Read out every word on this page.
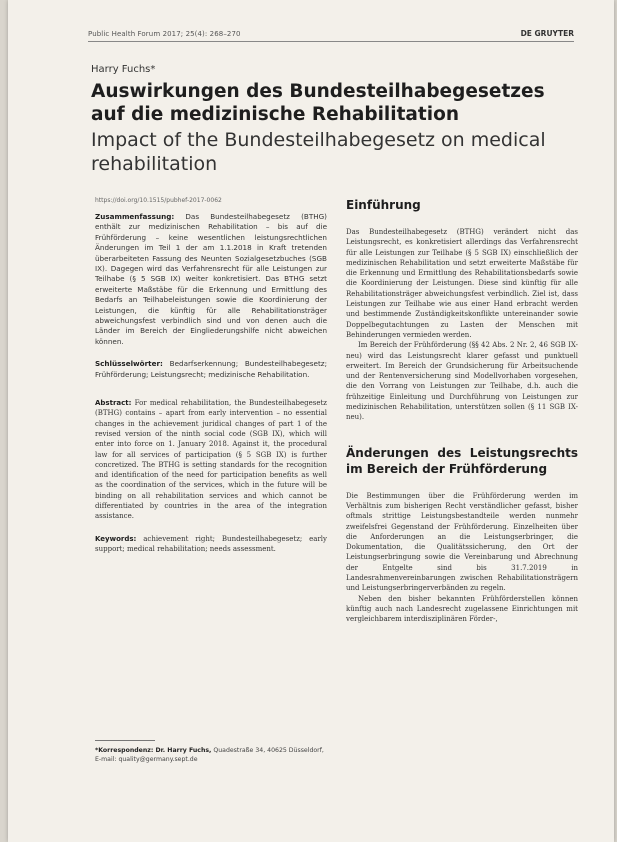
Public Health Forum 2017; 25(4): 268–270	DE GRUYTER
Harry Fuchs*
Auswirkungen des Bundesteilhabegesetzes auf die medizinische Rehabilitation
Impact of the Bundesteilhabegesetz on medical rehabilitation
https://doi.org/10.1515/pubhef-2017-0062

Zusammenfassung: Das Bundesteilhabegesetz (BTHG) enthält zur medizinischen Rehabilitation – bis auf die Frühförderung – keine wesentlichen leistungsrechtlichen Änderungen im Teil 1 der am 1.1.2018 in Kraft tretenden überarbeiteten Fassung des Neunten Sozialgesetzbuches (SGB IX). Dagegen wird das Verfahrensrecht für alle Leistungen zur Teilhabe (§ 5 SGB IX) weiter konkretisiert. Das BTHG setzt erweiterte Maßstäbe für die Erkennung und Ermittlung des Bedarfs an Teilhabeleistungen sowie die Koordinierung der Leistungen, die künftig für alle Rehabilitationsträger abweichungsfest verbindlich sind und von denen auch die Länder im Bereich der Eingliederungshilfe nicht abweichen können.

Schlüsselwörter: Bedarfserkennung; Bundesteilhabegesetz; Frühförderung; Leistungsrecht; medizinische Rehabilitation.

Abstract: For medical rehabilitation, the Bundesteilhabegesetz (BTHG) contains – apart from early intervention – no essential changes in the achievement juridical changes of part 1 of the revised version of the ninth social code (SGB IX), which will enter into force on 1. January 2018. Against it, the procedural law for all services of participation (§ 5 SGB IX) is further concretized. The BTHG is setting standards for the recognition and identification of the need for participation benefits as well as the coordination of the services, which in the future will be binding on all rehabilitation services and which cannot be differentiated by countries in the area of the integration assistance.

Keywords: achievement right; Bundesteilhabegesetz; early support; medical rehabilitation; needs assessment.

*Korrespondenz: Dr. Harry Fuchs, Quadestraße 34, 40625 Düsseldorf, E-mail: quality@germany.sept.de
Einführung

Das Bundesteilhabegesetz (BTHG) verändert nicht das Leistungsrecht, es konkretisiert allerdings das Verfahrensrecht für alle Leistungen zur Teilhabe (§ 5 SGB IX) einschließlich der medizinischen Rehabilitation und setzt erweiterte Maßstäbe für die Erkennung und Ermittlung des Rehabilitationsbedarfs sowie die Koordinierung der Leistungen. Diese sind künftig für alle Rehabilitationsträger abweichungsfest verbindlich. Ziel ist, dass Leistungen zur Teilhabe wie aus einer Hand erbracht werden und bestimmende Zuständigkeitskonflikte untereinander sowie Doppelbegutachtungen zu Lasten der Menschen mit Behinderungen vermieden werden.

Im Bereich der Frühförderung (§§ 42 Abs. 2 Nr. 2, 46 SGB IX-neu) wird das Leistungsrecht klarer gefasst und punktuell erweitert. Im Bereich der Grundsicherung für Arbeitsuchende und der Rentenversicherung sind Modellvorhaben vorgesehen, die den Vorrang von Leistungen zur Teilhabe, d.h. auch die frühzeitige Einleitung und Durchführung von Leistungen zur medizinischen Rehabilitation, unterstützen sollen (§ 11 SGB IX-neu).

Änderungen des Leistungsrechts im Bereich der Frühförderung

Die Bestimmungen über die Frühförderung werden im Verhältnis zum bisherigen Recht verständlicher gefasst, bisher oftmals strittige Leistungsbestandteile werden nunmehr zweifelsfrei Gegenstand der Frühförderung. Einzelheiten über die Anforderungen an die Leistungserbringer, die Dokumentation, die Qualitätssicherung, den Ort der Leistungserbringung sowie die Vereinbarung und Abrechnung der Entgelte sind bis 31.7.2019 in Landesrahmenvereinbarungen zwischen Rehabilitationsträgern und Leistungserbringerverbänden zu regeln.

Neben den bisher bekannten Frühförderstellen können künftig auch nach Landesrecht zugelassene Einrichtungen mit vergleichbarem interdisziplinären Förder-,
